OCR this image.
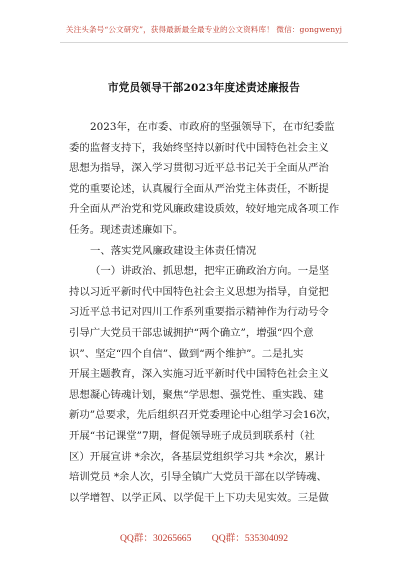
关注头条号“公文研究”，获得最新最全最专业的公文资料库！ 微信：gongwenyj
市党员领导干部2023年度述责述廉报告
2023年，在市委、市政府的坚强领导下，在市纪委监
委的监督支持下，我始终坚持以新时代中国特色社会主义
思想为指导，深入学习贯彻习近平总书记关于全面从严治
党的重要论述，认真履行全面从严治党主体责任，不断提
升全面从严治党和党风廉政建设质效，较好地完成各项工作
任务。现述责述廉如下。
一、落实党风廉政建设主体责任情况
（一）讲政治、抓思想，把牢正确政治方向。一是坚
持以习近平新时代中国特色社会主义思想为指导，自觉把
习近平总书记对四川工作系列重要指示精神作为行动号令
引导广大党员干部忠诚拥护“两个确立”，增强“四个意
识”、坚定“四个自信”、做到“两个维护”。二是扎实
开展主题教育，深入实施习近平新时代中国特色社会主义
思想凝心铸魂计划，聚焦“学思想、强党性、重实践、建
新功”总要求，先后组织召开党委理论中心组学习会16次，
开展“书记课堂”7期，督促领导班子成员到联系村（社
区）开展宣讲 *余次，各基层党组织学习共 *余次，累计
培训党员 *余人次，引导全镇广大党员干部在以学铸魂、
以学增智、以学正风、以学促干上下功夫见实效。三是做
QQ群：30265665 QQ群：535304092
